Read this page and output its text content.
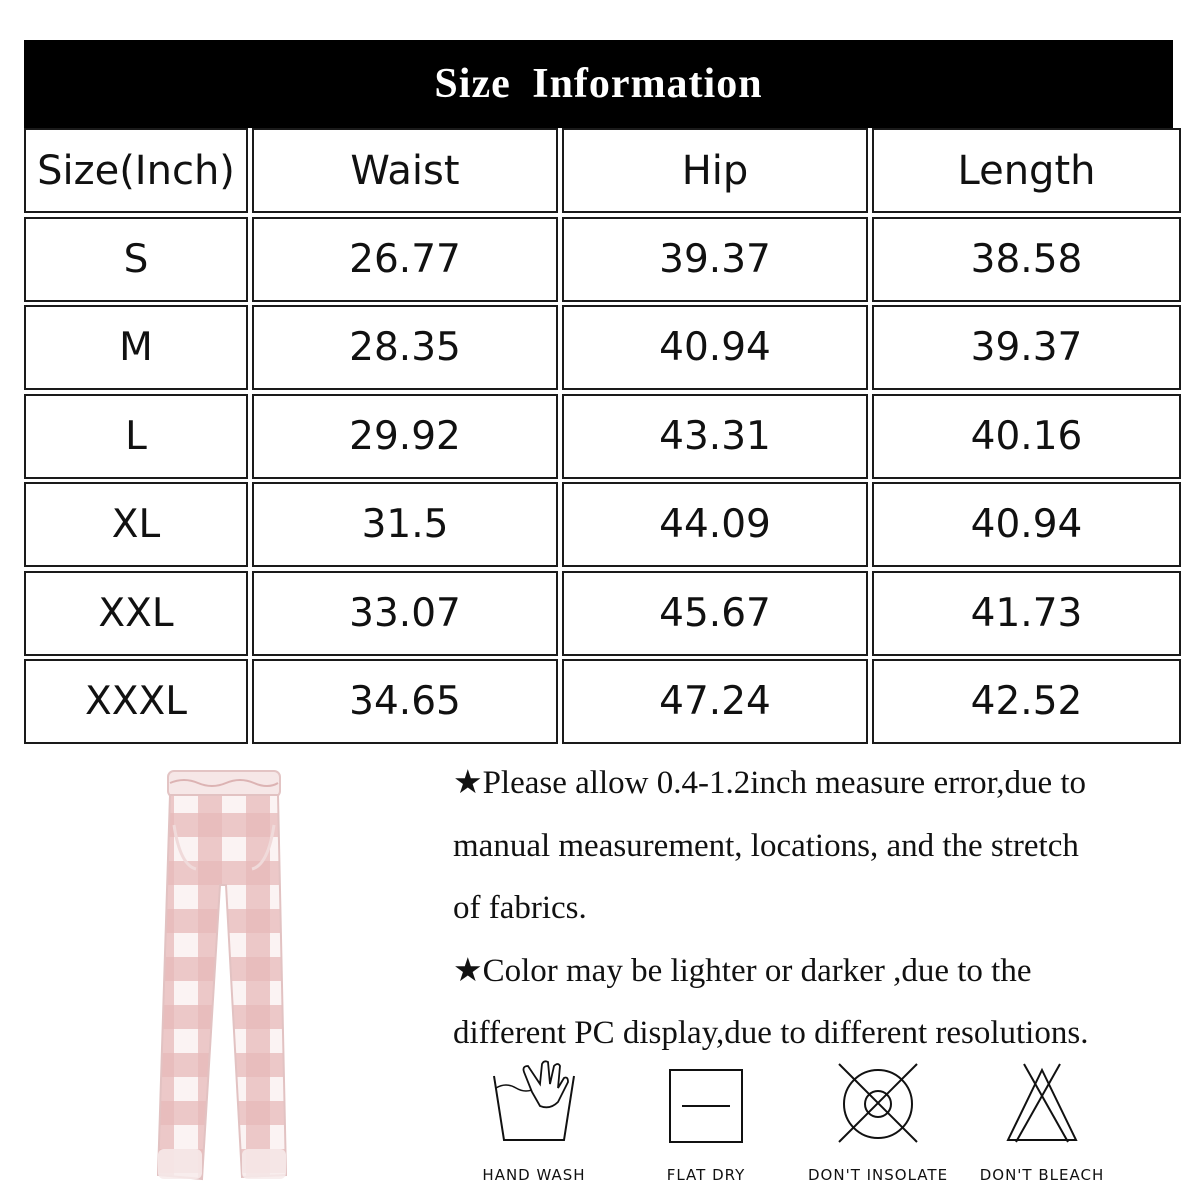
Size Information
Size(Inch)	Waist	Hip	Length
S	26.77	39.37	38.58
M	28.35	40.94	39.37
L	29.92	43.31	40.16
XL	31.5	44.09	40.94
XXL	33.07	45.67	41.73
XXXL	34.65	47.24	42.52

★Please allow 0.4-1.2inch measure error,due to

manual measurement, locations, and the stretch

of fabrics.

★Color may be lighter or darker ,due to the

different PC display,due to different resolutions.

HAND WASH	FLAT DRY	DON'T INSOLATE	DON'T BLEACH
